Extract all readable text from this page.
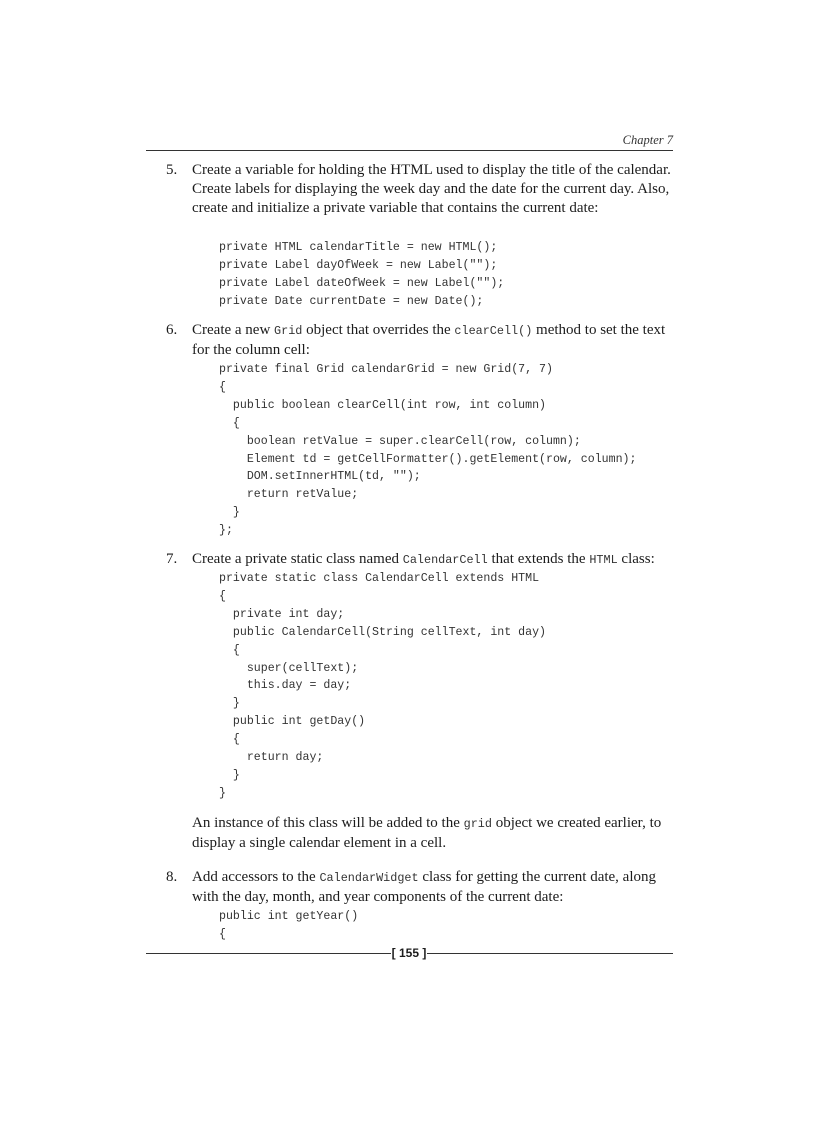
Chapter 7
5. Create a variable for holding the HTML used to display the title of the calendar. Create labels for displaying the week day and the date for the current day. Also, create and initialize a private variable that contains the current date:
private HTML calendarTitle = new HTML();
private Label dayOfWeek = new Label("");
private Label dateOfWeek = new Label("");
private Date currentDate = new Date();
6. Create a new Grid object that overrides the clearCell() method to set the text for the column cell:
private final Grid calendarGrid = new Grid(7, 7)
{
public boolean clearCell(int row, int column)
{
boolean retValue = super.clearCell(row, column);
Element td = getCellFormatter().getElement(row, column);
DOM.setInnerHTML(td, "");
return retValue;
}
};
7. Create a private static class named CalendarCell that extends the HTML class:
private static class CalendarCell extends HTML
{
private int day;
public CalendarCell(String cellText, int day)
{
super(cellText);
this.day = day;
}
public int getDay()
{
return day;
}
}
An instance of this class will be added to the grid object we created earlier, to display a single calendar element in a cell.
8. Add accessors to the CalendarWidget class for getting the current date, along with the day, month, and year components of the current date:
public int getYear()
{
[ 155 ]
